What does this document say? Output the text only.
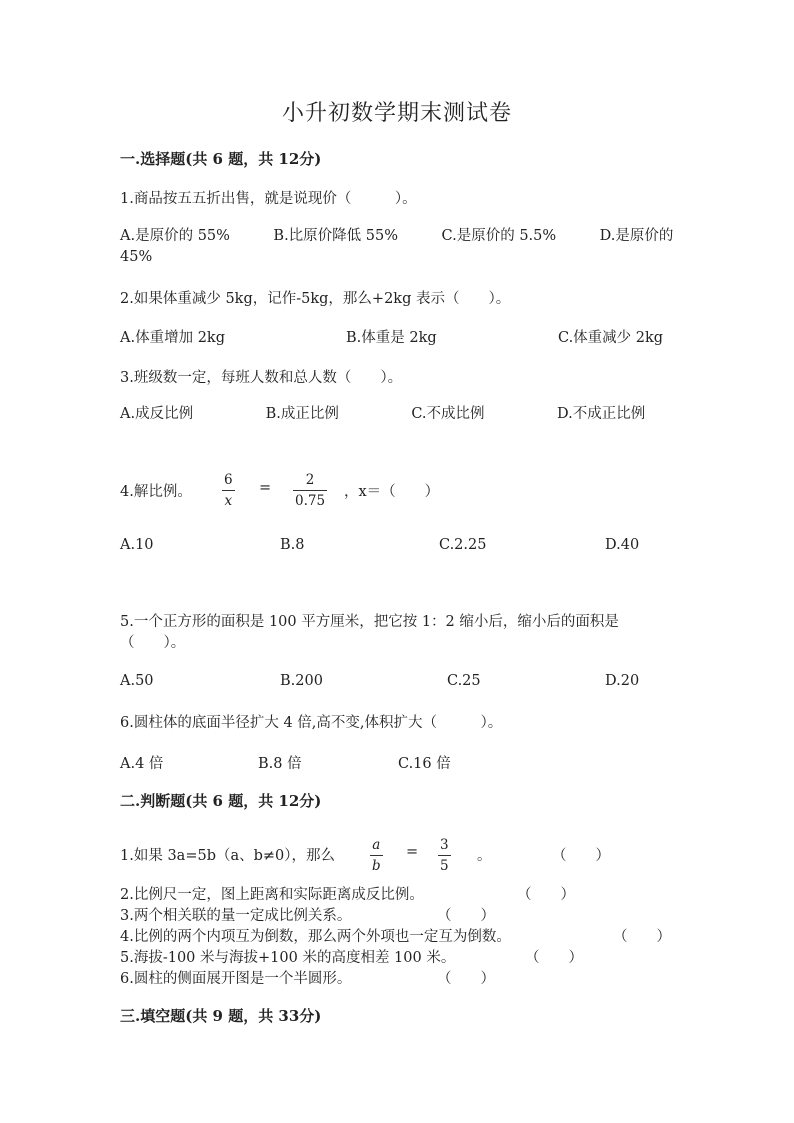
小升初数学期末测试卷
一.选择题(共 6 题，共 12分)
1.商品按五五折出售，就是说现价（　　　）。
A.是原价的 55%　　　B.比原价降低 55%　　　C.是原价的 5.5%　　　D.是原价的 45%
2.如果体重减少 5kg，记作-5kg，那么+2kg 表示（　　）。
A.体重增加 2kg	B.体重是 2kg	C.体重减少 2kg
3.班级数一定，每班人数和总人数（　　）。
A.成反比例　　　　　B.成正比例　　　　　C.不成比例　　　　　D.不成正比例
4.解比例。
6
x
=	2
0.75
，x＝（　　）
A.10	B.8	C.2.25	D.40
5.一个正方形的面积是 100 平方厘米，把它按 1：2 缩小后，缩小后的面积是（　　）。
A.50	B.200	C.25	D.20
6.圆柱体的底面半径扩大 4 倍,高不变,体积扩大（　　　）。
A.4 倍	B.8 倍	C.16 倍
二.判断题(共 6 题，共 12分)
1.如果 3a=5b（a、b≠0），那么
a
b
= 3
5
。	（　　）
2.比例尺一定，图上距离和实际距离成反比例。	（　　）
3.两个相关联的量一定成比例关系。	（　　）
4.比例的两个内项互为倒数，那么两个外项也一定互为倒数。	（　　）
5.海拔-100 米与海拔+100 米的高度相差 100 米。	（　　）
6.圆柱的侧面展开图是一个半圆形。	（　　）
三.填空题(共 9 题，共 33分)
